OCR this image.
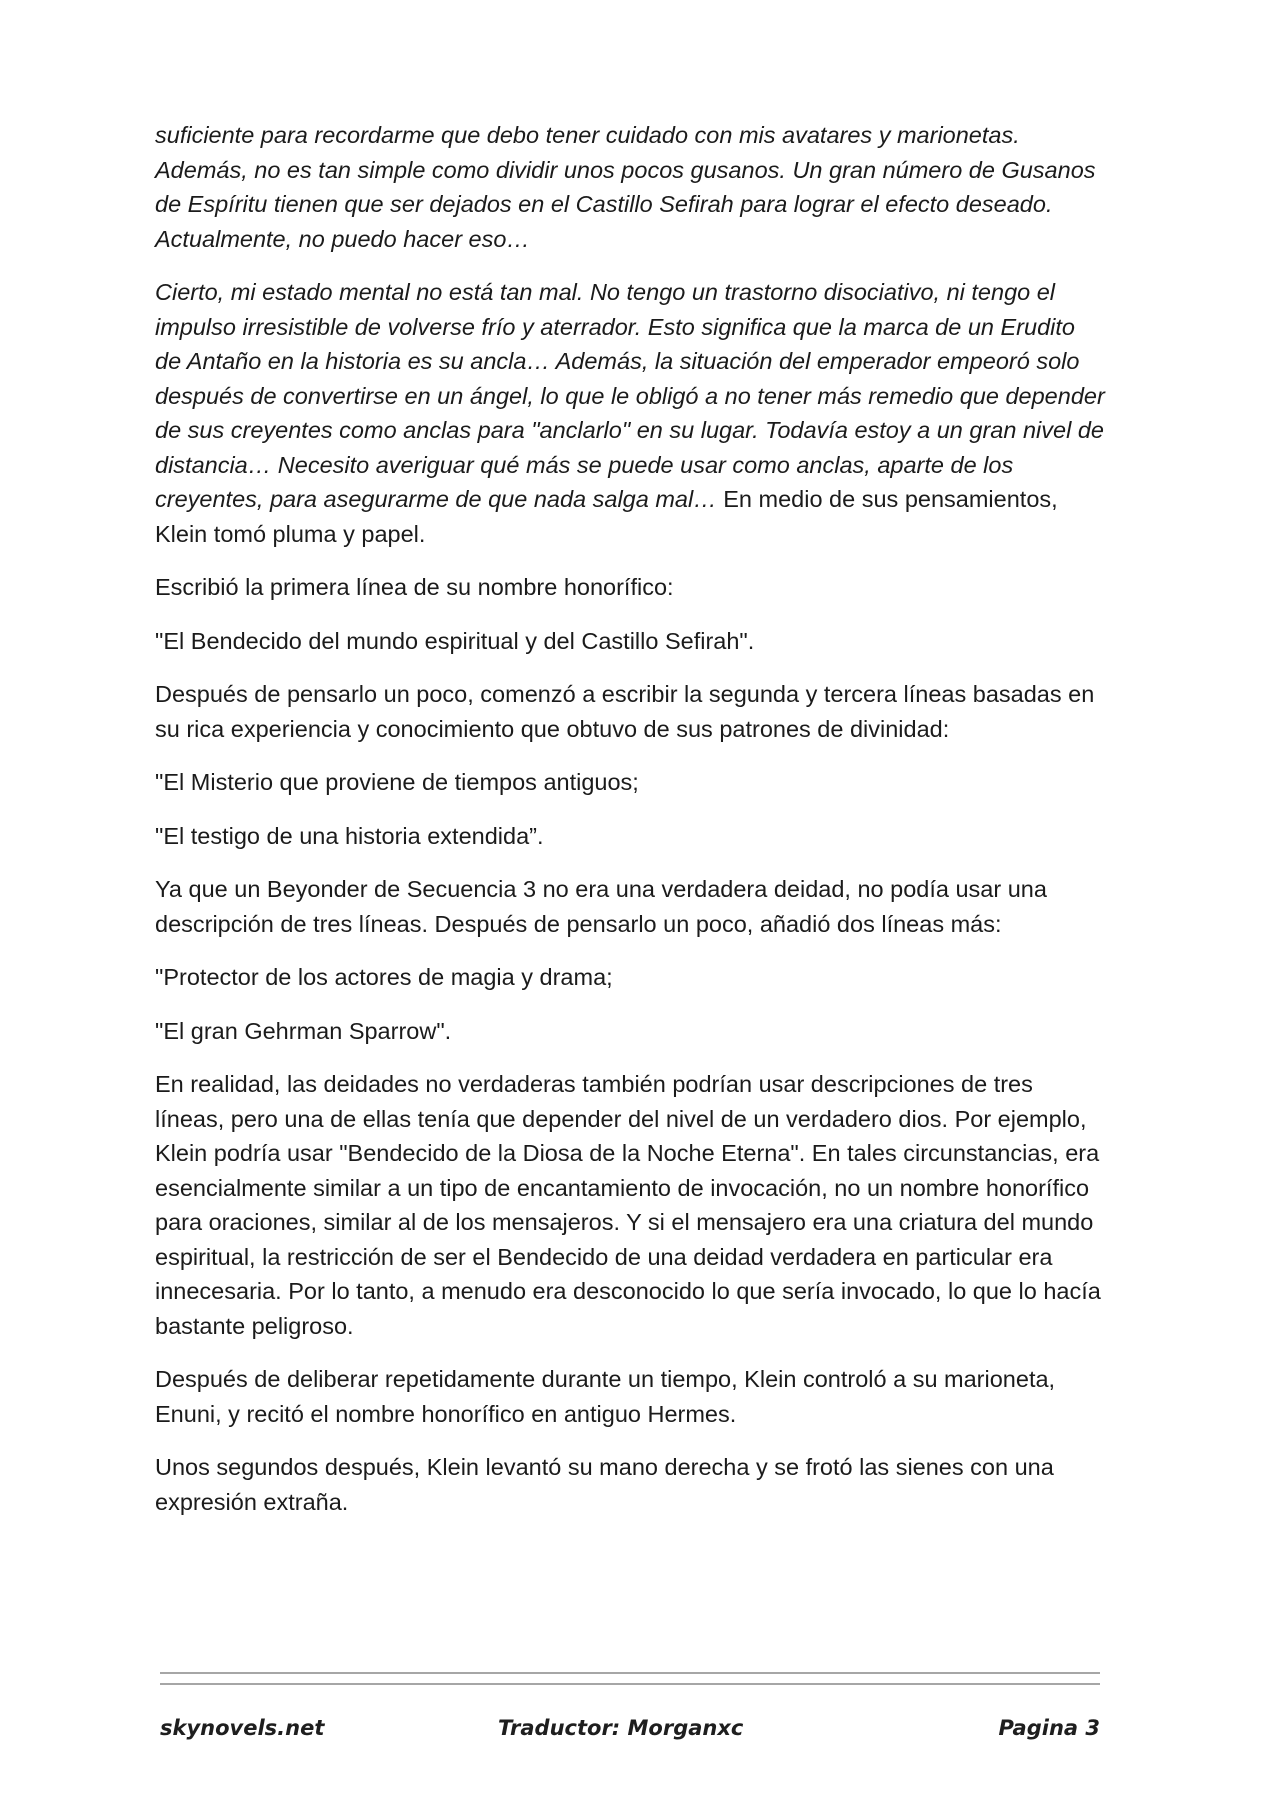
suficiente para recordarme que debo tener cuidado con mis avatares y marionetas. Además, no es tan simple como dividir unos pocos gusanos. Un gran número de Gusanos de Espíritu tienen que ser dejados en el Castillo Sefirah para lograr el efecto deseado. Actualmente, no puedo hacer eso…

Cierto, mi estado mental no está tan mal. No tengo un trastorno disociativo, ni tengo el impulso irresistible de volverse frío y aterrador. Esto significa que la marca de un Erudito de Antaño en la historia es su ancla… Además, la situación del emperador empeoró solo después de convertirse en un ángel, lo que le obligó a no tener más remedio que depender de sus creyentes como anclas para "anclarlo" en su lugar. Todavía estoy a un gran nivel de distancia… Necesito averiguar qué más se puede usar como anclas, aparte de los creyentes, para asegurarme de que nada salga mal… En medio de sus pensamientos, Klein tomó pluma y papel.

Escribió la primera línea de su nombre honorífico:

"El Bendecido del mundo espiritual y del Castillo Sefirah".

Después de pensarlo un poco, comenzó a escribir la segunda y tercera líneas basadas en su rica experiencia y conocimiento que obtuvo de sus patrones de divinidad:

"El Misterio que proviene de tiempos antiguos;

"El testigo de una historia extendida”.

Ya que un Beyonder de Secuencia 3 no era una verdadera deidad, no podía usar una descripción de tres líneas. Después de pensarlo un poco, añadió dos líneas más:

"Protector de los actores de magia y drama;

"El gran Gehrman Sparrow".

En realidad, las deidades no verdaderas también podrían usar descripciones de tres líneas, pero una de ellas tenía que depender del nivel de un verdadero dios. Por ejemplo, Klein podría usar "Bendecido de la Diosa de la Noche Eterna". En tales circunstancias, era esencialmente similar a un tipo de encantamiento de invocación, no un nombre honorífico para oraciones, similar al de los mensajeros. Y si el mensajero era una criatura del mundo espiritual, la restricción de ser el Bendecido de una deidad verdadera en particular era innecesaria. Por lo tanto, a menudo era desconocido lo que sería invocado, lo que lo hacía bastante peligroso.

Después de deliberar repetidamente durante un tiempo, Klein controló a su marioneta, Enuni, y recitó el nombre honorífico en antiguo Hermes.

Unos segundos después, Klein levantó su mano derecha y se frotó las sienes con una expresión extraña.

skynovels.net	Traductor: Morganxc	Pagina 3
